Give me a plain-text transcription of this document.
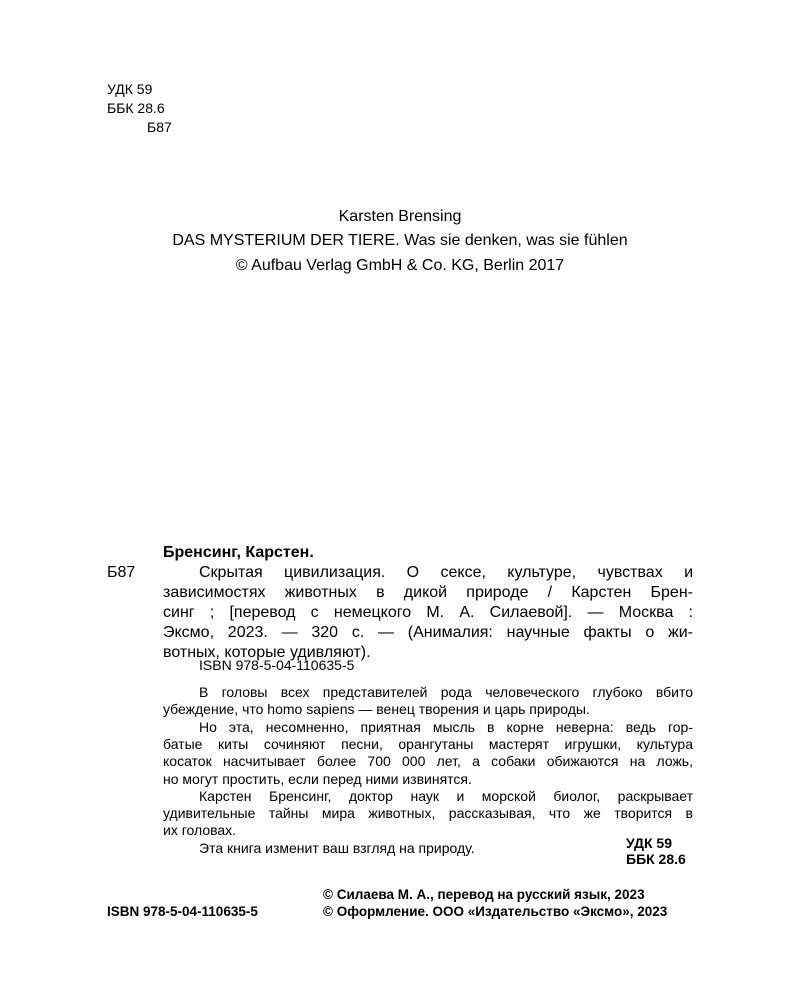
УДК 59
ББК 28.6
Б87
Karsten Brensing
DAS MYSTERIUM DER TIERE. Was sie denken, was sie fühlen
© Aufbau Verlag GmbH & Co. KG, Berlin 2017
Бренсинг, Карстен.
Б87	Скрытая цивилизация. О сексе, культуре, чувствах и
зависимостях животных в дикой природе / Карстен Брен-
синг ; [перевод с немецкого М. А. Силаевой]. — Москва :
Эксмо, 2023. — 320 с. — (Анималия: научные факты о жи-
вотных, которые удивляют).
ISBN 978-5-04-110635-5
В головы всех представителей рода человеческого глубоко вбито
убеждение, что homo sapiens — венец творения и царь природы.
Но эта, несомненно, приятная мысль в корне неверна: ведь гор-
батые киты сочиняют песни, орангутаны мастерят игрушки, культура
косаток насчитывает более 700 000 лет, а собаки обижаются на ложь,
но могут простить, если перед ними извинятся.
Карстен Бренсинг, доктор наук и морской биолог, раскрывает
удивительные тайны мира животных, рассказывая, что же творится в
их головах.
Эта книга изменит ваш взгляд на природу.	УДК 59
ББК 28.6
© Силаева М. А., перевод на русский язык, 2023
ISBN 978-5-04-110635-5	© Оформление. ООО «Издательство «Эксмо», 2023
